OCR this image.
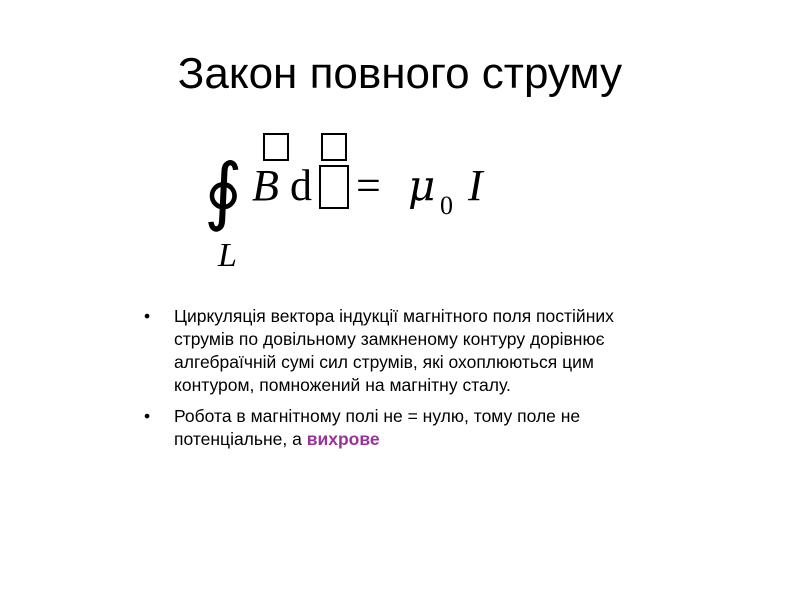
Закон повного струму
∮
L
B d = μ 0 I
• Циркуляція вектора індукції магнітного поля постійних струмів по довільному замкненому контуру дорівнює алгебраїчній сумі сил струмів, які охоплюються цим контуром, помножений на магнітну сталу.
• Робота в магнітному полі не = нулю, тому поле не потенціальне, а вихрове
